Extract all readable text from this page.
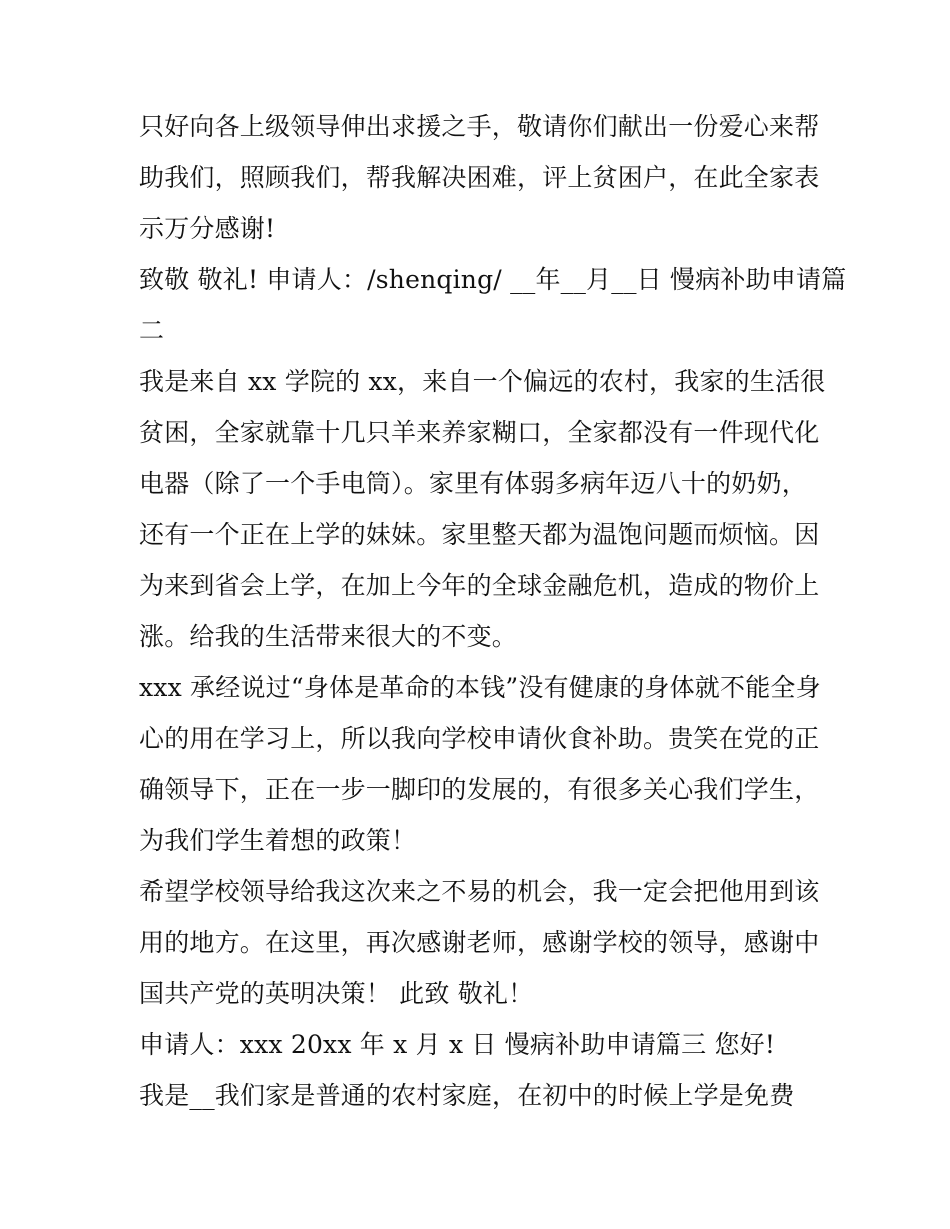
只好向各上级领导伸出求援之手，敬请你们献出一份爱心来帮
助我们，照顾我们，帮我解决困难，评上贫困户，在此全家表
示万分感谢!
致敬 敬礼! 申请人：/shenqing/ __年__月__日 慢病补助申请篇
二
我是来自 xx 学院的 xx，来自一个偏远的农村，我家的生活很
贫困，全家就靠十几只羊来养家糊口，全家都没有一件现代化
电器（除了一个手电筒）。家里有体弱多病年迈八十的奶奶，
还有一个正在上学的妹妹。家里整天都为温饱问题而烦恼。因
为来到省会上学，在加上今年的全球金融危机，造成的物价上
涨。给我的生活带来很大的不变。
xxx 承经说过“身体是革命的本钱”没有健康的身体就不能全身
心的用在学习上，所以我向学校申请伙食补助。贵笑在党的正
确领导下，正在一步一脚印的发展的，有很多关心我们学生，
为我们学生着想的政策！
希望学校领导给我这次来之不易的机会，我一定会把他用到该
用的地方。在这里，再次感谢老师，感谢学校的领导，感谢中
国共产党的英明决策！ 此致 敬礼！
申请人：xxx 20xx 年 x 月 x 日 慢病补助申请篇三 您好!
我是__我们家是普通的农村家庭，在初中的时候上学是免费
